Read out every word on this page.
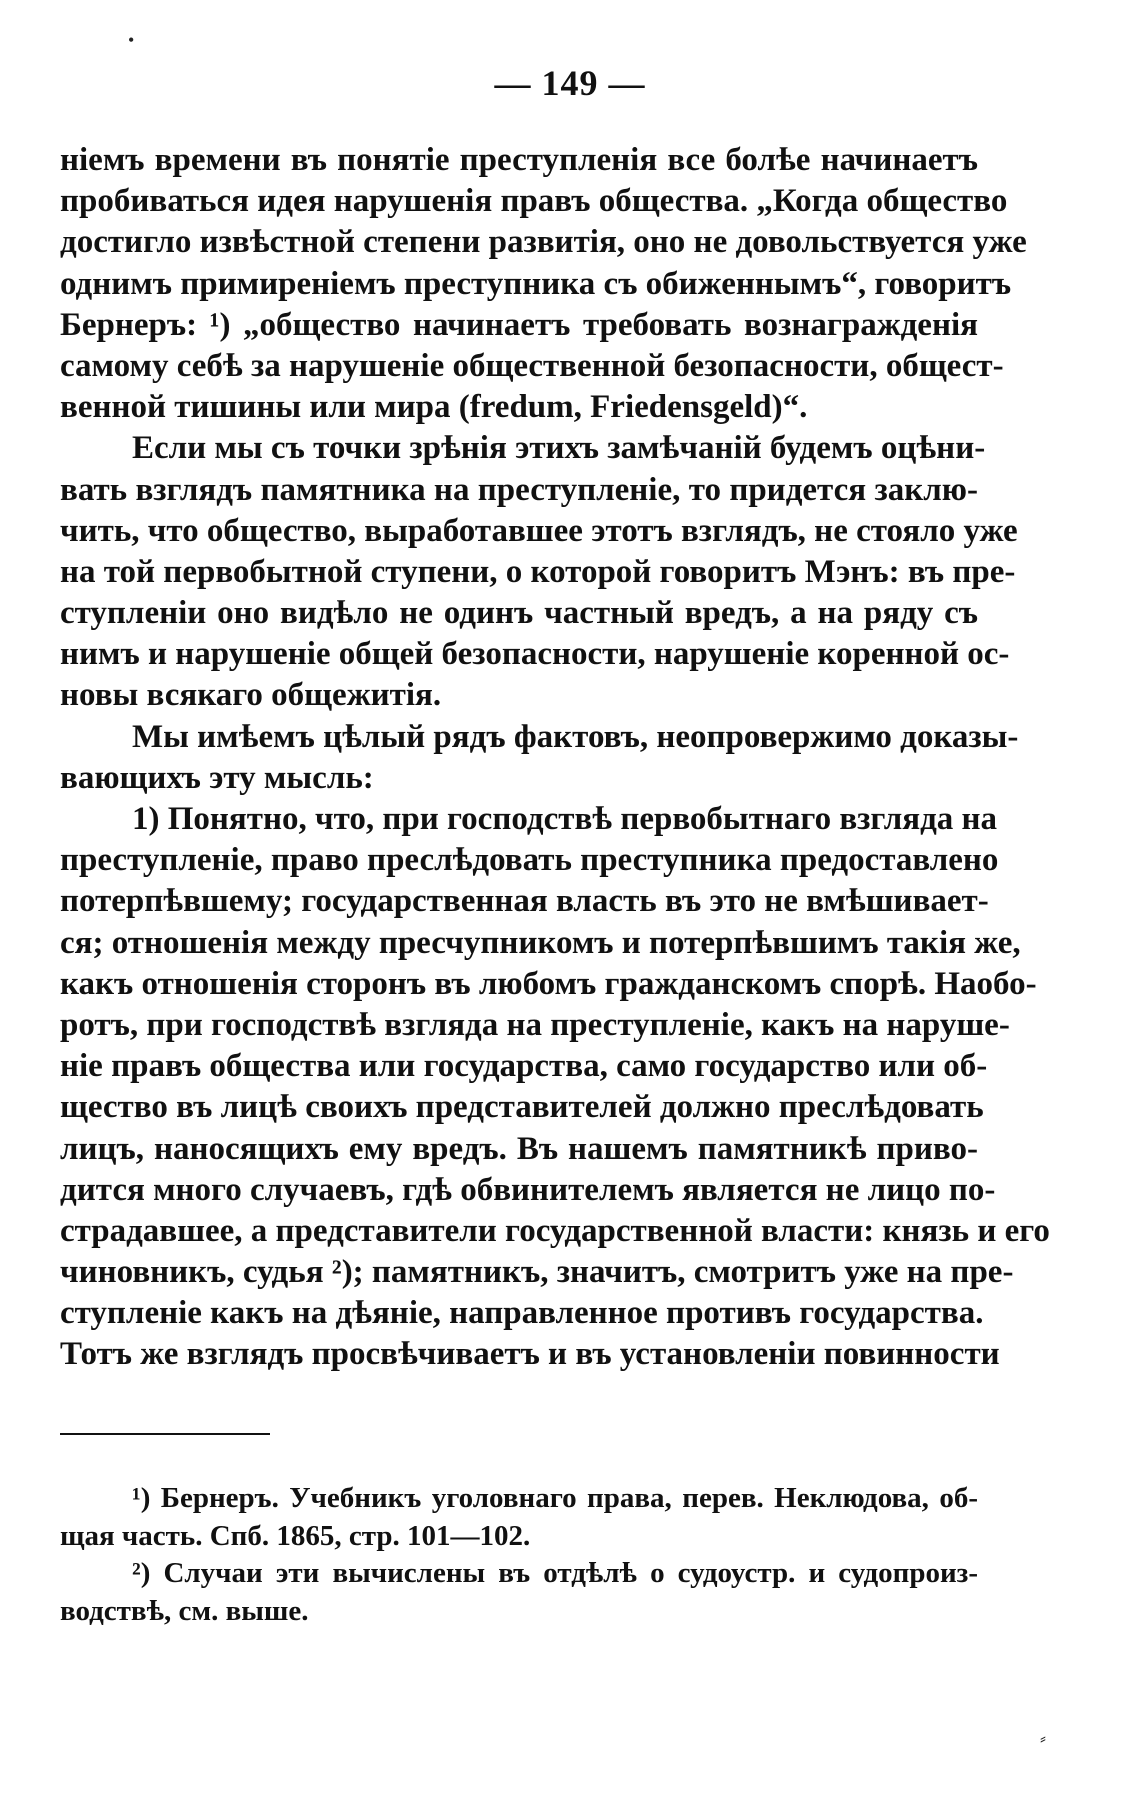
— 149 —
нiемъ времени въ понятiе преступленiя все болѣе начинаетъ
пробиваться идея нарушенiя правъ общества. „Когда общество
достигло извѣстной степени развитiя, оно не довольствуется уже
однимъ примиренiемъ преступника съ обиженнымъ“, говоритъ
Бернеръ: ¹) „общество начинаетъ требовать вознагражденiя
самому себѣ за нарушенiе общественной безопасности, общест-
венной тишины или мира (fredum, Friedensgeld)“.
Если мы съ точки зрѣнiя этихъ замѣчанiй будемъ оцѣни-
вать взглядъ памятника на преступленiе, то придется заклю-
чить, что общество, выработавшее этотъ взглядъ, не стояло уже
на той первобытной ступени, о которой говоритъ Мэнъ: въ пре-
ступленiи оно видѣло не одинъ частный вредъ, а на ряду съ
нимъ и нарушенiе общей безопасности, нарушенiе коренной ос-
новы всякаго общежитiя.
Мы имѣемъ цѣлый рядъ фактовъ, неопровержимо доказы-
вающихъ эту мысль:
1) Понятно, что, при господствѣ первобытнаго взгляда на
преступленiе, право преслѣдовать преступника предоставлено
потерпѣвшему; государственная власть въ это не вмѣшивает-
ся; отношенiя между пресчупникомъ и потерпѣвшимъ такiя же,
какъ отношенiя сторонъ въ любомъ гражданскомъ спорѣ. Наобо-
ротъ, при господствѣ взгляда на преступленiе, какъ на наруше-
нiе правъ общества или государства, само государство или об-
щество въ лицѣ своихъ представителей должно преслѣдовать
лицъ, наносящихъ ему вредъ. Въ нашемъ памятникѣ приво-
дится много случаевъ, гдѣ обвинителемъ является не лицо по-
страдавшее, а представители государственной власти: князь и его
чиновникъ, судья ²); памятникъ, значитъ, смотритъ уже на пре-
ступленiе какъ на дѣянiе, направленное противъ государства.
Тотъ же взглядъ просвѣчиваетъ и въ установленiи повинности
¹) Бернеръ. Учебникъ уголовнаго права, перев. Неклюдова, об-
щая часть. Спб. 1865, стр. 101—102.
²) Случаи эти вычислены въ отдѣлѣ о судоустр. и судопроиз-
водствѣ, см. выше.
•
⸗
